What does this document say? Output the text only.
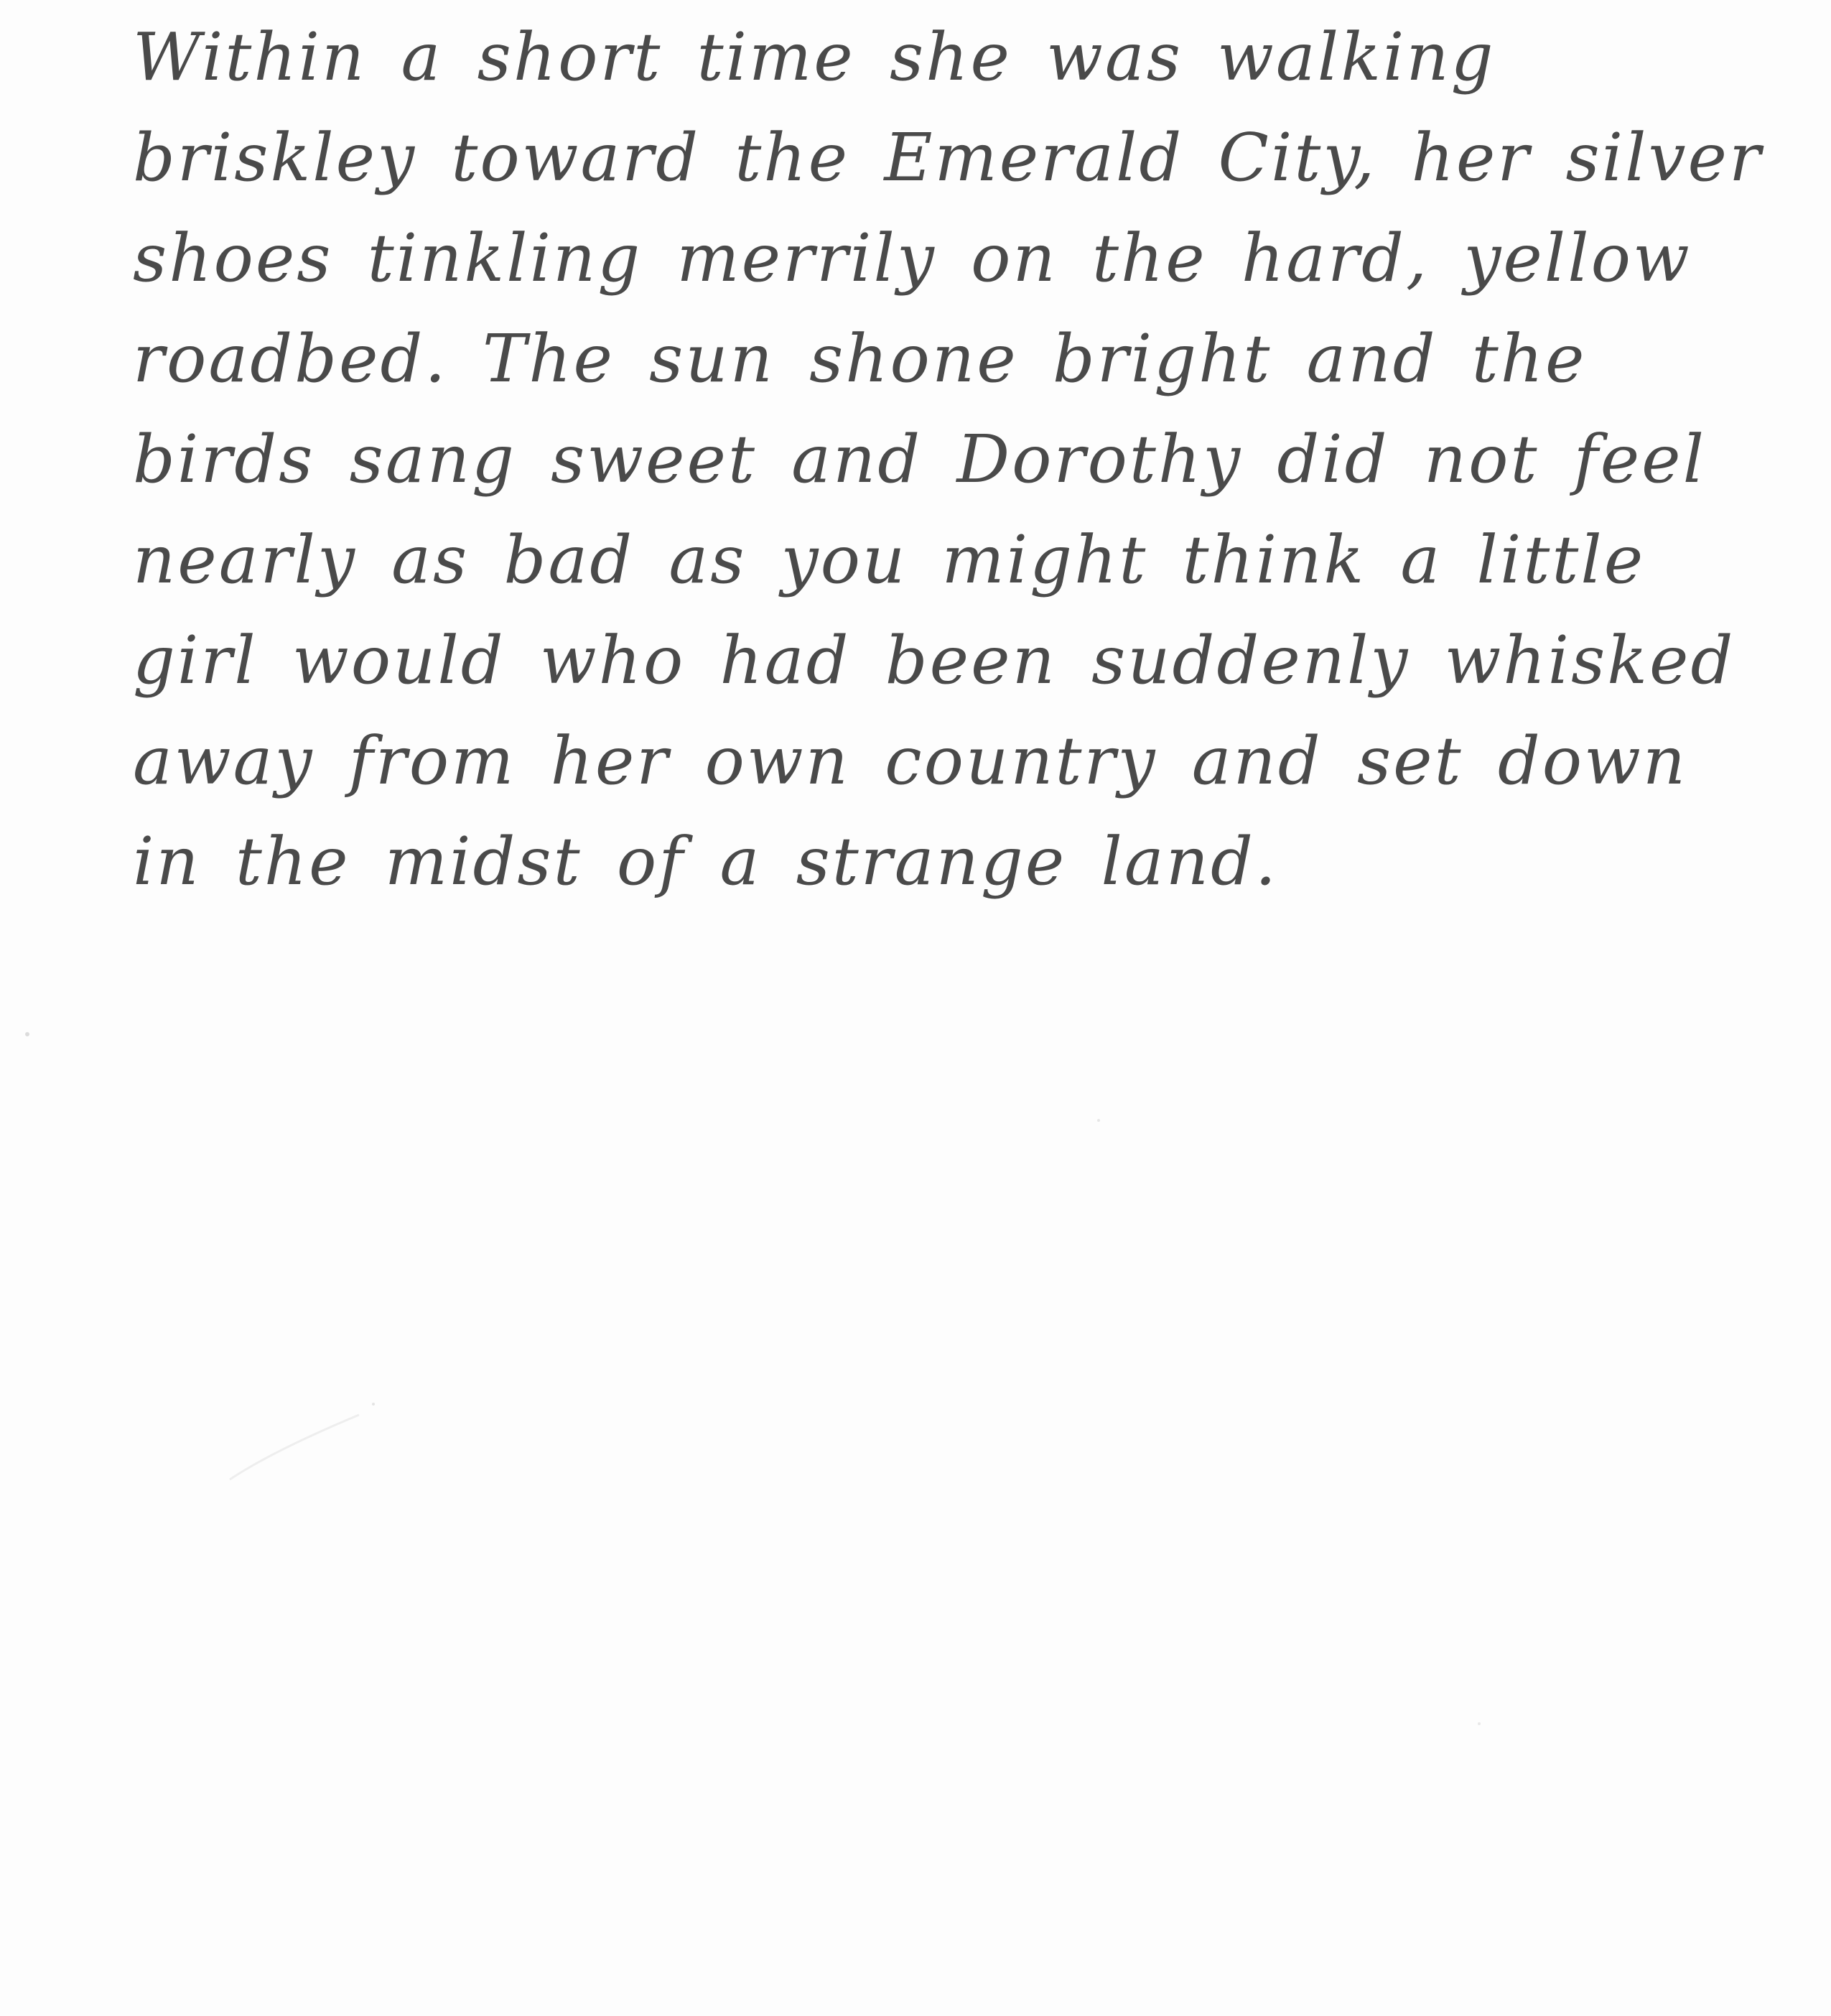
Within a short time she was walking
briskley toward the Emerald City, her silver
shoes tinkling merrily on the hard, yellow
roadbed. The sun shone bright and the
birds sang sweet and Dorothy did not feel
nearly as bad as you might think a little
girl would who had been suddenly whisked
away from her own country and set down
in the midst of a strange land.
